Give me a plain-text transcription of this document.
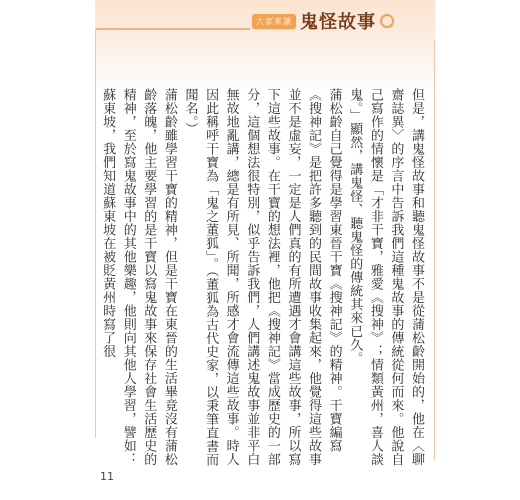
大家來讀 鬼怪故事

但是，講鬼怪故事和聽鬼怪故事不是從蒲松齡開始的，他在〈聊齋誌異〉的序言中告訴我們這種鬼故事的傳統從何而來。他說自己寫作的情懷是「才非干寶，雅愛《搜神》；情類黃州，喜人談鬼。」顯然，講鬼怪、聽鬼怪的傳統其來已久。

蒲松齡自己覺得是學習東晉干寶《搜神記》的精神。干寶編寫《搜神記》是把許多聽到的民間故事收集起來，他覺得這些故事並不是虛妄，一定是人們真的有所遭遇才會講這些故事，所以寫下這些故事。在干寶的想法裡，他把《搜神記》當成歷史的一部分，這個想法很特別，似乎告訴我們，人們講述鬼故事並非平白無故地亂講，總是有所見、所聞，所感才會流傳這些故事。時人因此稱呼干寶為「鬼之董狐」。（董狐為古代史家，以秉筆直書而聞名。）

蒲松齡雖學習干寶的精神，但是干寶在東晉的生活畢竟沒有蒲松齡落魄，他主要學習的是干寶以寫鬼故事來保存社會生活歷史的精神，至於寫鬼故事中的其他樂趣，他則向其他人學習，譬如：蘇東坡，我們知道蘇東坡在被貶黃州時寫了很

11
